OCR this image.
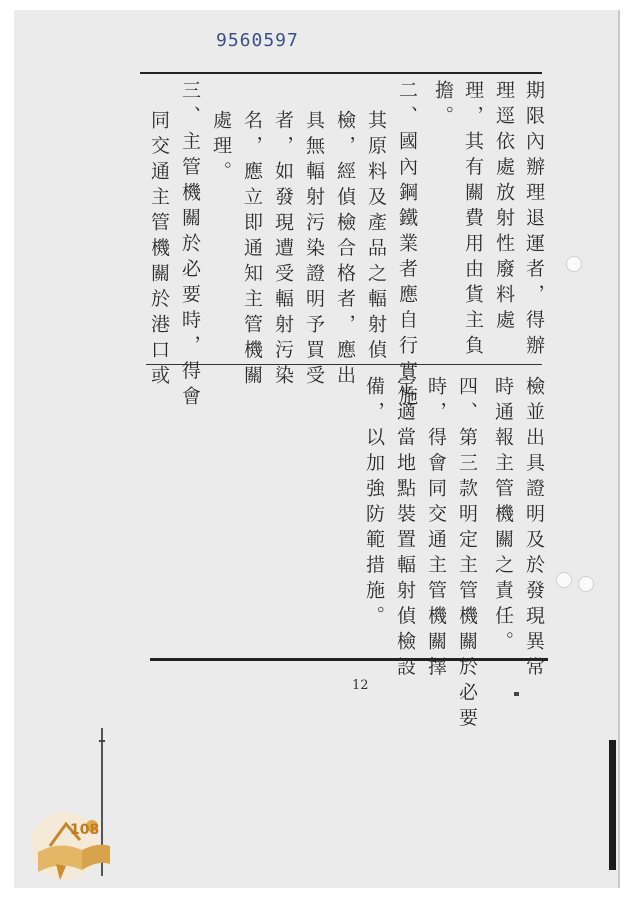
9560597
期限內辦理退運者，得辦
理逕依處放射性廢料處
理，其有關費用由貨主負
擔。
二、國內鋼鐵業者應自行實施
其原料及產品之輻射偵
檢，經偵檢合格者，應出
具無輻射污染證明予買受
者，如發現遭受輻射污染
名，應立即通知主管機關
處理。
三、主管機關於必要時，得會
同交通主管機關於港口或
檢並出具證明及於發現異常
時通報主管機關之責任。
四、第三款明定主管機關於必要
時，得會同交通主管機關擇
定適當地點裝置輻射偵檢設
備，以加強防範措施。
12
108
